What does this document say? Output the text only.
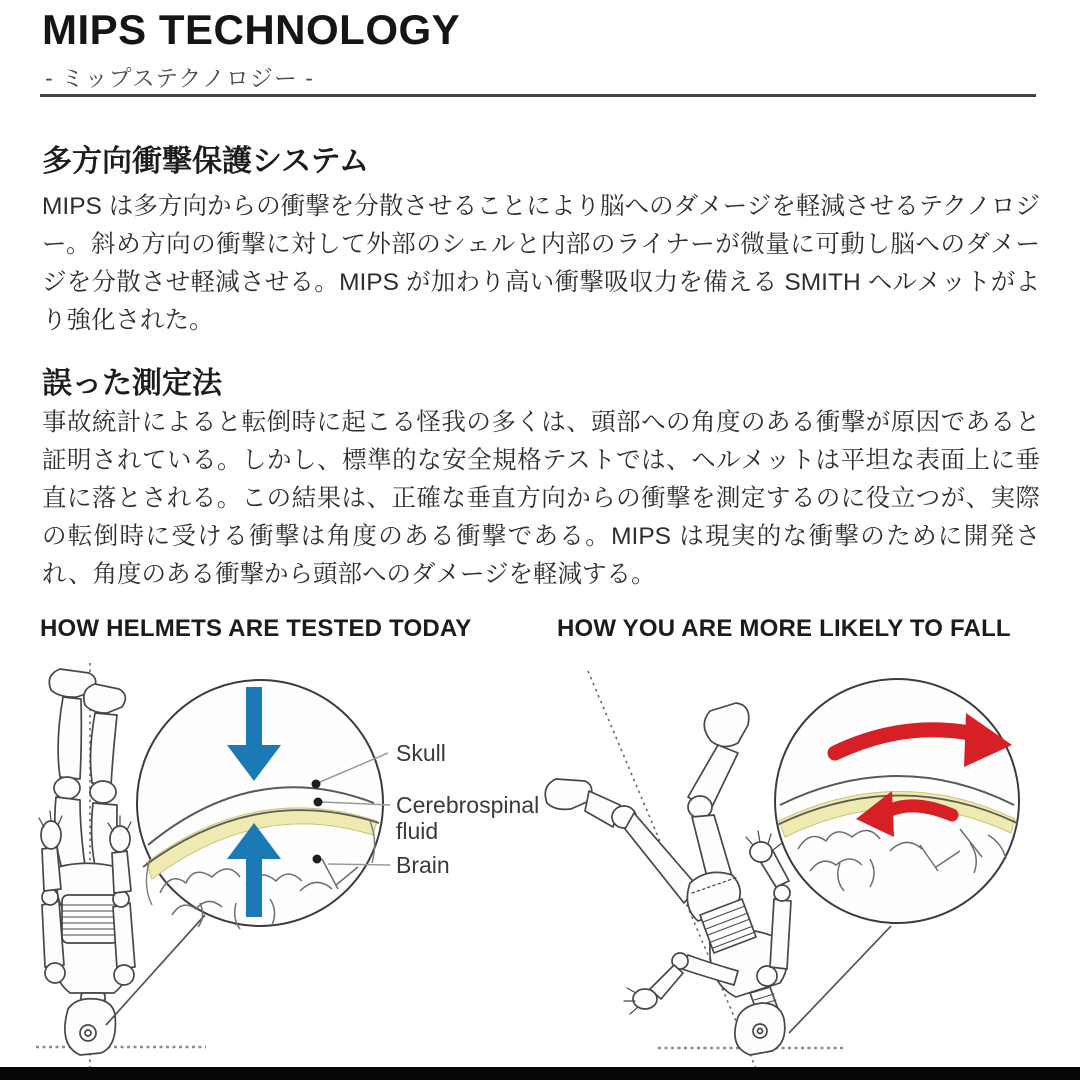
MIPS TECHNOLOGY
- ミップステクノロジー -
多方向衝撃保護システム

MIPS は多方向からの衝撃を分散させることにより脳へのダメージを軽減させるテクノロジー。斜め方向の衝撃に対して外部のシェルと内部のライナーが微量に可動し脳へのダメージを分散させ軽減させる。MIPS が加わり高い衝撃吸収力を備える SMITH ヘルメットがより強化された。

誤った測定法

事故統計によると転倒時に起こる怪我の多くは、頭部への角度のある衝撃が原因であると証明されている。しかし、標準的な安全規格テストでは、ヘルメットは平坦な表面上に垂直に落とされる。この結果は、正確な垂直方向からの衝撃を測定するのに役立つが、実際の転倒時に受ける衝撃は角度のある衝撃である。MIPS は現実的な衝撃のために開発され、角度のある衝撃から頭部へのダメージを軽減する。

HOW HELMETS ARE TESTED TODAY	HOW YOU ARE MORE LIKELY TO FALL
Skull
Cerebrospinal
fluid
Brain
